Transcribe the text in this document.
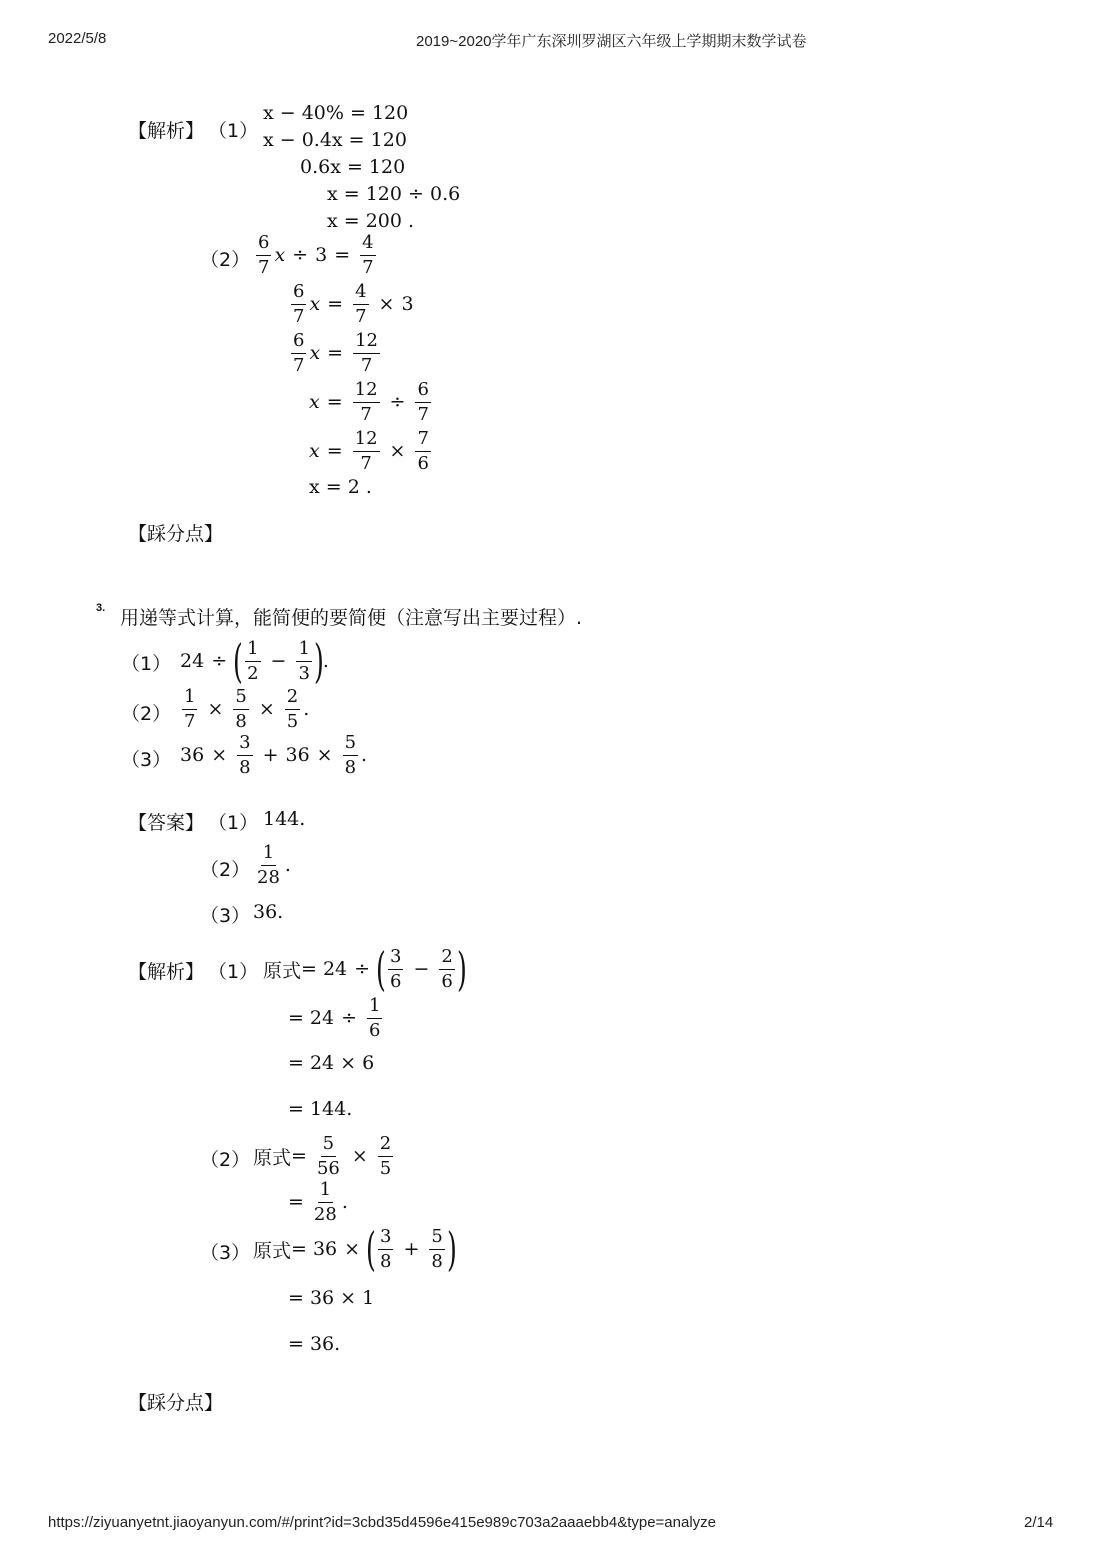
2022/5/8	2019~2020学年广东深圳罗湖区六年级上学期期末数学试卷
【解析】 （1）
x − 40% = 120
x − 0.4x = 120
0.6x = 120
x = 120 ÷ 0.6
x = 200 .
$(2) \frac{6}{7}$ $x \div 3 = \frac{4}{7}$
$\frac{6}{7}$ $x = \frac{4}{7} \times 3$
$\frac{6}{7}$ $x = \frac{12}{7}$
$x = \frac{12}{7} \div \frac{6}{7}$
$x = \frac{12}{7} \times \frac{7}{6}$
x = 2 .
【踩分点】
3. 用递等式计算，能简便的要简便（注意写出主要过程）.
（1） 24 ÷ ( $\frac{1}{2} - \frac{1}{3}$ ) .
$(2) \frac{1}{7} \times \frac{5}{8} \times \frac{2}{5}$ .
（3） $36 \times \frac{3}{8} + 36 \times \frac{5}{8}$ .
【答案】 （1） 144.
$(2) \frac{1}{28}$ .
（3） 36.
【解析】 （1） 原式 = 24 ÷ ( $\frac{3}{6} - \frac{2}{6}$ )
= $24 \div \frac{1}{6}$
= 24 × 6
= 144.
（2） 原式 = $\frac{5}{56} \times \frac{2}{5}$
= $\frac{1}{28}$ .
（3） 原式 = 36 × ( $\frac{3}{8} + \frac{5}{8}$ )
= 36 × 1
= 36.
【踩分点】
https://ziyuanyetnt.jiaoyanyun.com/#/print?id=3cbd35d4596e415e989c703a2aaaebb4&type=analyze	2/14
